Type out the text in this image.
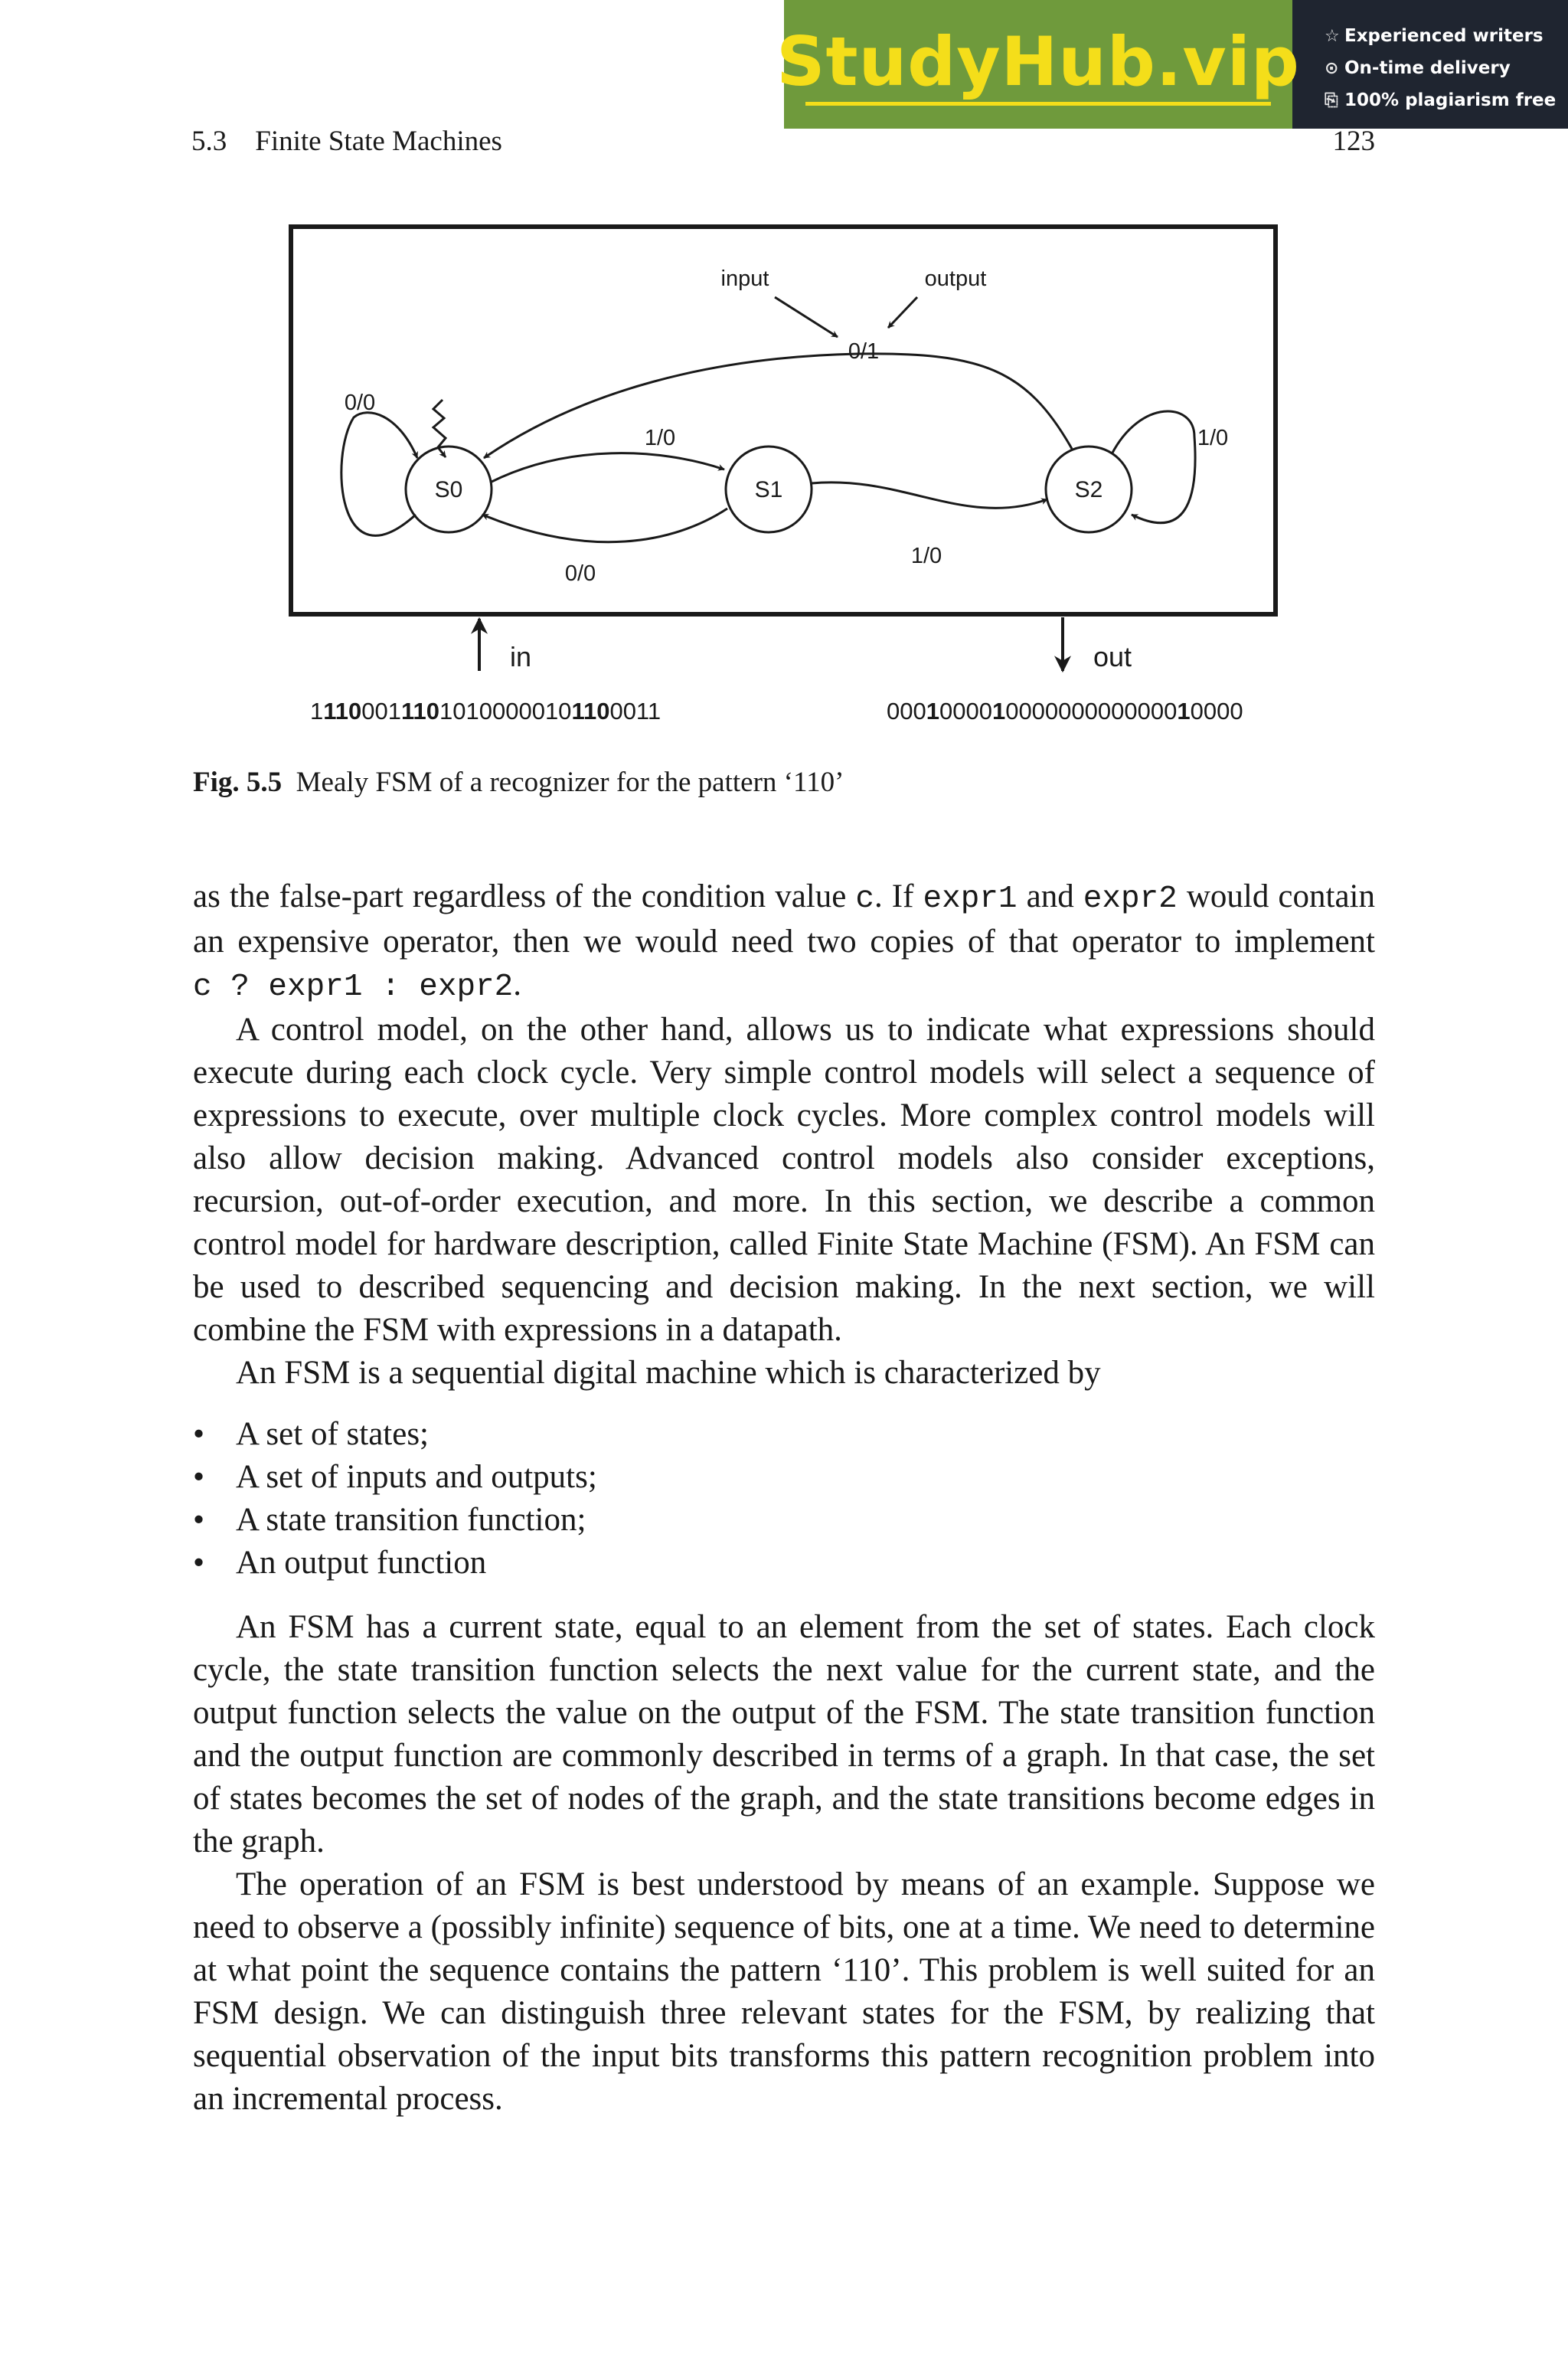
StudyHub.vip ☆ Experienced writers
⊙ On-time delivery
⎘ 100% plagiarism free
5.3 Finite State Machines	123
S0	S1	S2
0/0
1/0
0/0
1/0
1/0
0/1
input	output
in	out
111000111010100000101100011	000100001000000000000010000
Fig. 5.5  Mealy FSM of a recognizer for the pattern ‘110’

as the false-part regardless of the condition value c. If expr1 and expr2 would contain an expensive operator, then we would need two copies of that operator to implement c ? expr1 : expr2.

A control model, on the other hand, allows us to indicate what expressions should execute during each clock cycle. Very simple control models will select a sequence of expressions to execute, over multiple clock cycles. More complex control models will also allow decision making. Advanced control models also consider exceptions, recursion, out-of-order execution, and more. In this section, we describe a common control model for hardware description, called Finite State Machine (FSM). An FSM can be used to described sequencing and decision making. In the next section, we will combine the FSM with expressions in a datapath.

An FSM is a sequential digital machine which is characterized by

• A set of states;
• A set of inputs and outputs;
• A state transition function;
• An output function

An FSM has a current state, equal to an element from the set of states. Each clock cycle, the state transition function selects the next value for the current state, and the output function selects the value on the output of the FSM. The state transition function and the output function are commonly described in terms of a graph. In that case, the set of states becomes the set of nodes of the graph, and the state transitions become edges in the graph.

The operation of an FSM is best understood by means of an example. Suppose we need to observe a (possibly infinite) sequence of bits, one at a time. We need to determine at what point the sequence contains the pattern ‘110’. This problem is well suited for an FSM design. We can distinguish three relevant states for the FSM, by realizing that sequential observation of the input bits transforms this pattern recognition problem into an incremental process.
